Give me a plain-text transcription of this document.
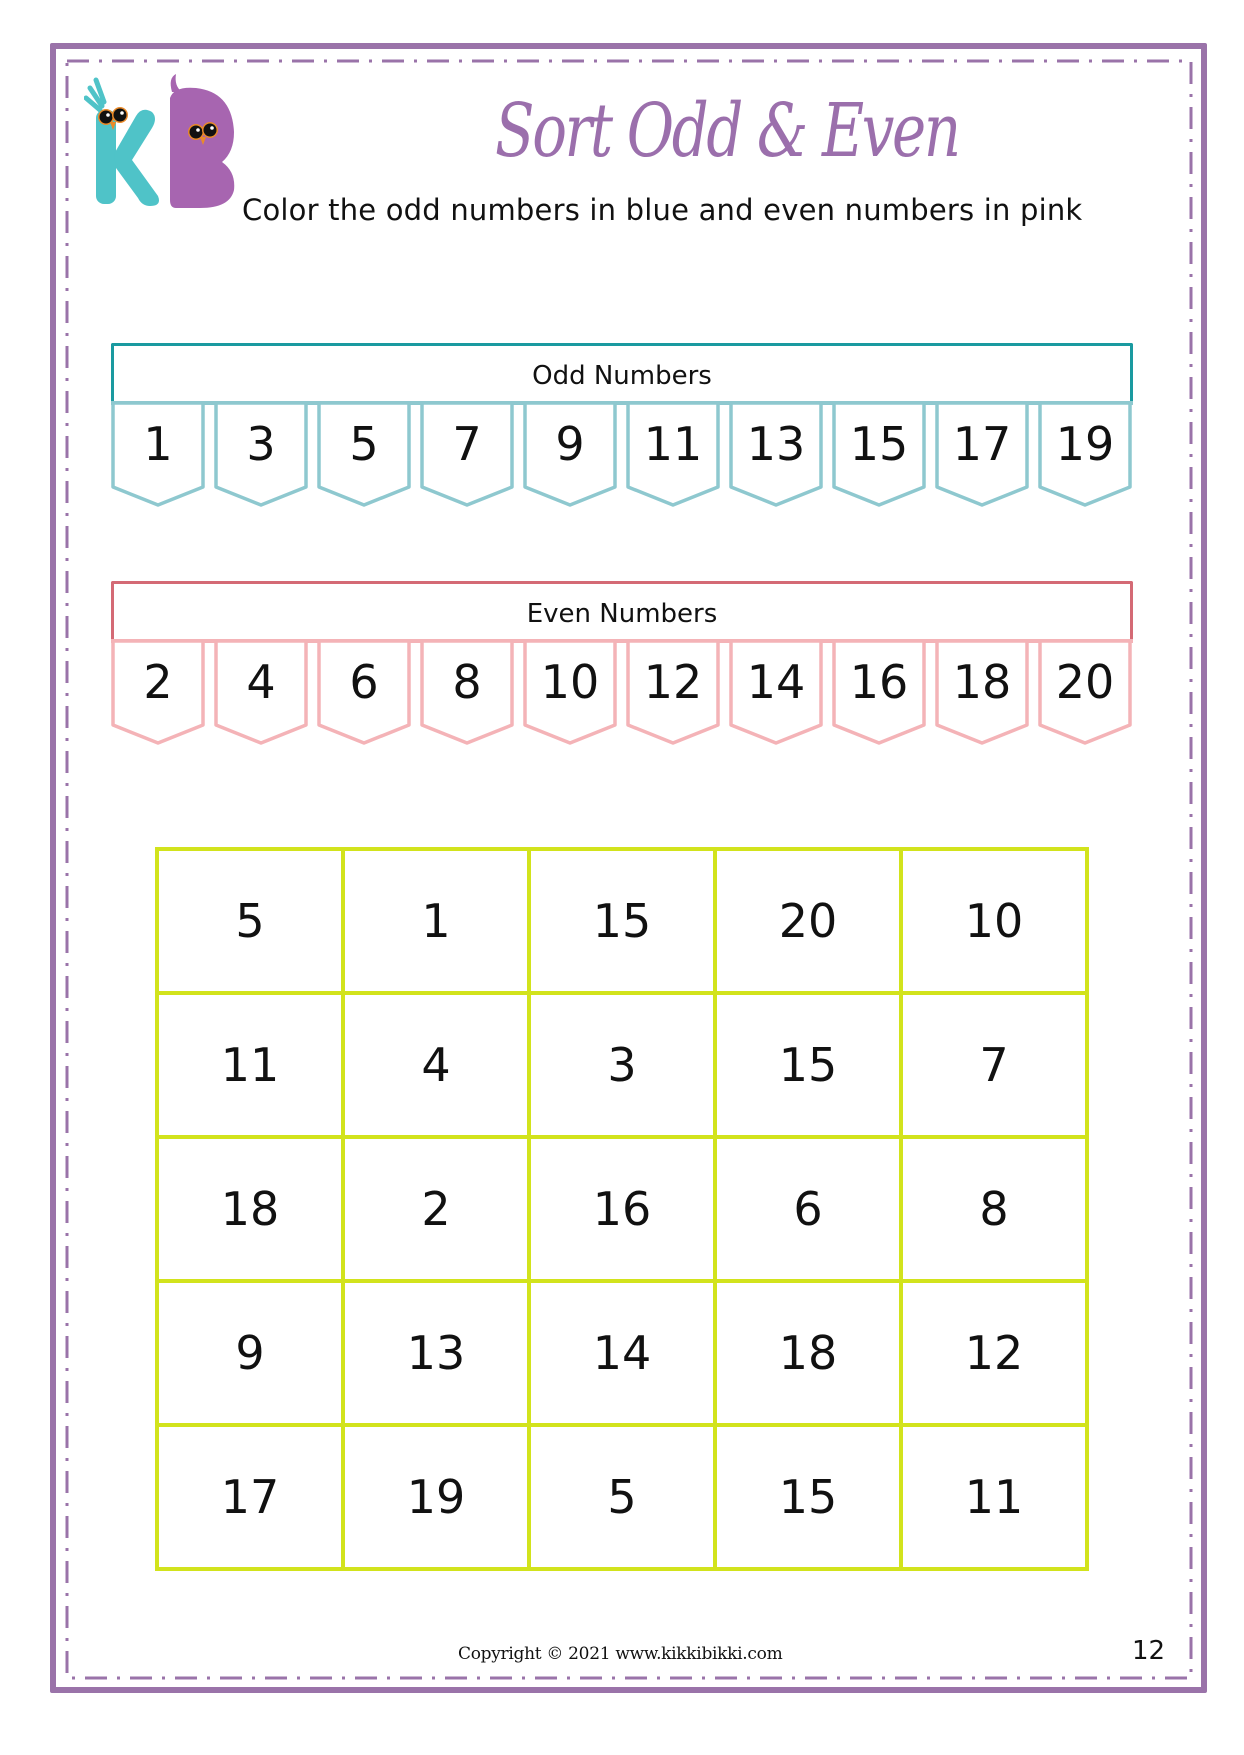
Sort Odd & Even
Color the odd numbers in blue and even numbers in pink
Odd Numbers
1	3	5	7	9	11 13 15 17 19
Even Numbers
2	4	6	8	10 12 14 16 18 20
5	1	15	20	10
11	4	3	15	7
18	2	16	6	8
9	13	14	18	12
17	19	5	15	11
Copyright © 2021 www.kikkibikki.com	12
